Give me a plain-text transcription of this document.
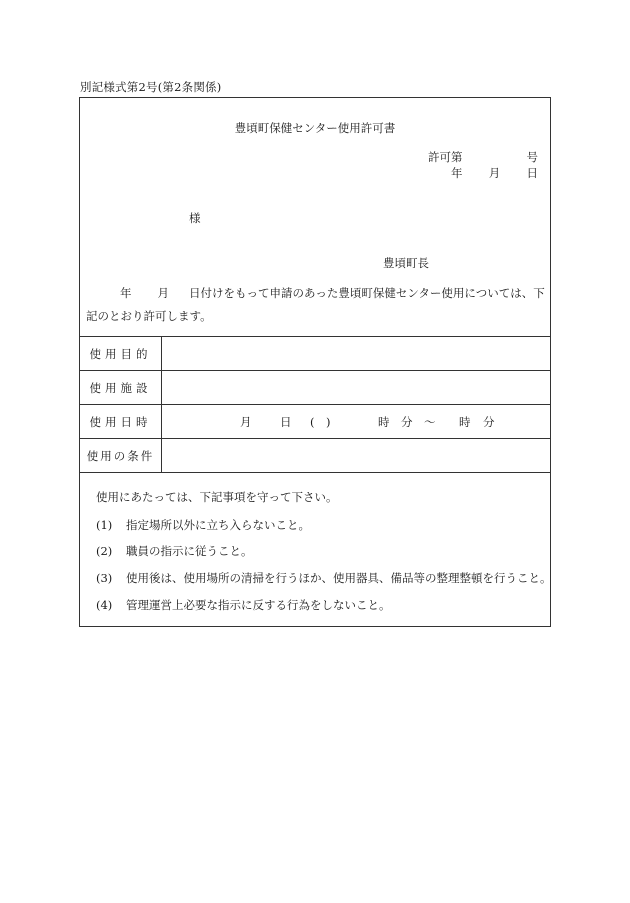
別記様式第2号(第2条関係)
豊頃町保健センター使用許可書
許可第	号
年 月 日
様
豊頃町長
年 月 日付けをもって申請のあった豊頃町保健センター使用については、下
記のとおり許可します。
使用目的
使用施設
使用日時	月 日 (　)	時 分 〜 時 分
使用の条件
使用にあたっては、下記事項を守って下さい。
(1) 指定場所以外に立ち入らないこと。
(2) 職員の指示に従うこと。
(3) 使用後は、使用場所の清掃を行うほか、使用器具、備品等の整理整頓を行うこと。
(4) 管理運営上必要な指示に反する行為をしないこと。
